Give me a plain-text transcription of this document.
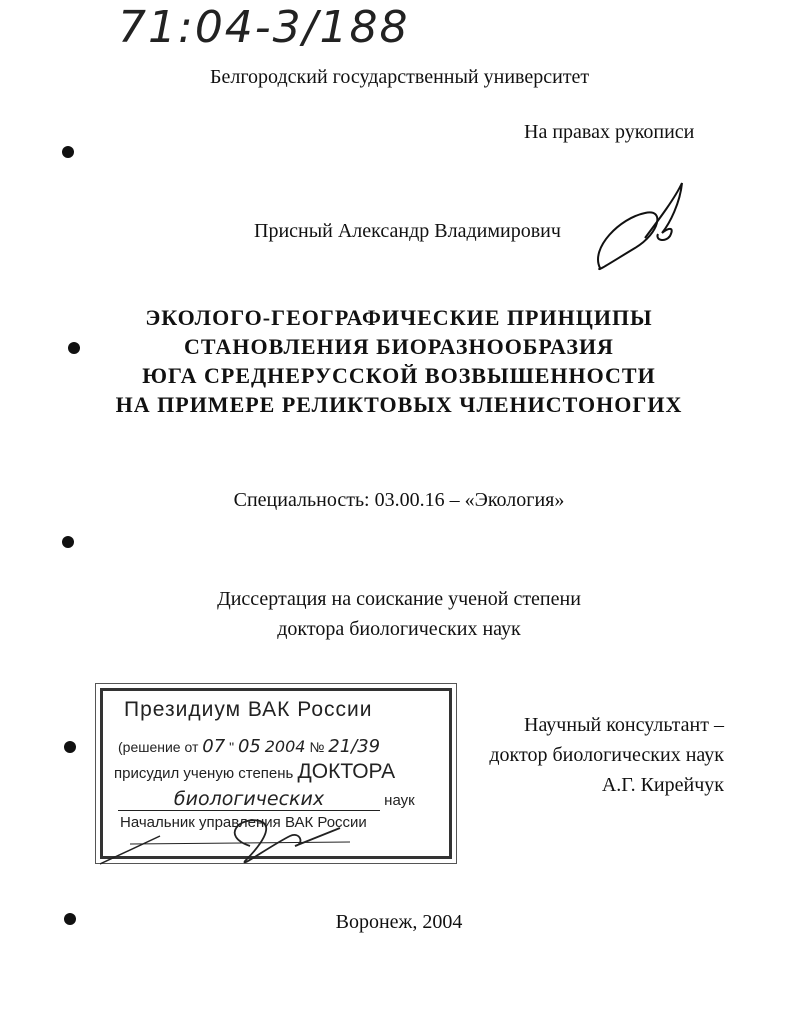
71:04-3/188
Белгородский государственный университет
На правах рукописи
Присный Александр Владимирович
ЭКОЛОГО-ГЕОГРАФИЧЕСКИЕ ПРИНЦИПЫ
СТАНОВЛЕНИЯ БИОРАЗНООБРАЗИЯ
ЮГА СРЕДНЕРУССКОЙ ВОЗВЫШЕННОСТИ
НА ПРИМЕРЕ РЕЛИКТОВЫХ ЧЛЕНИСТОНОГИХ
Специальность: 03.00.16 – «Экология»
Диссертация на соискание ученой степени
доктора биологических наук
Научный консультант –
доктор биологических наук
А.Г. Кирейчук
Президиум ВАК России
(решение от 07 " 05 2004 № 21/39
присудил ученую степень ДОКТОРА
биологических	наук
Начальник управления ВАК России
Воронеж, 2004
